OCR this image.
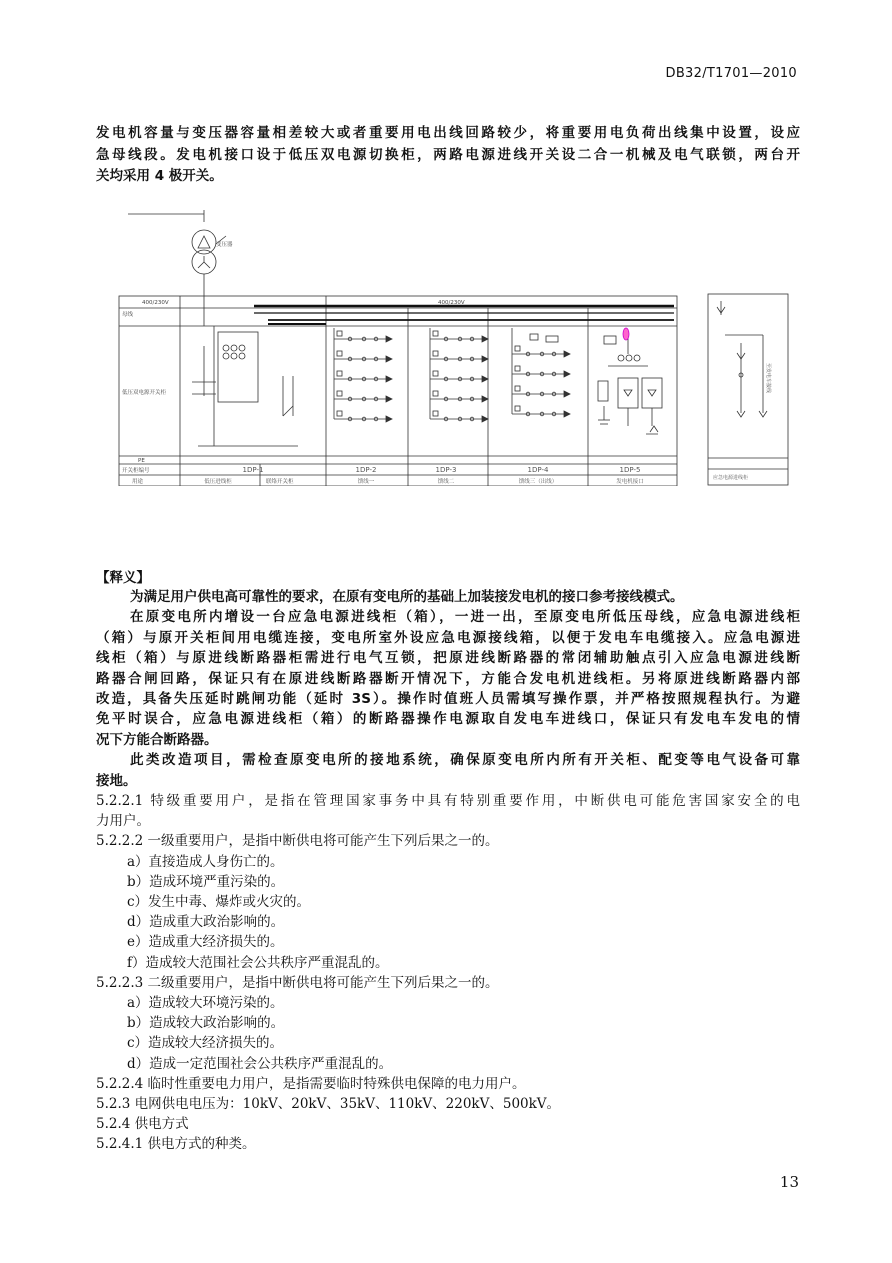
DB32/T1701—2010
发电机容量与变压器容量相差较大或者重要用电出线回路较少，将重要用电负荷出线集中设置，设应
急母线段。发电机接口设于低压双电源切换柜，两路电源进线开关设二合一机械及电气联锁，两台开
关均采用 4 极开关。
400/230V	400/230V
变压器
母线
低压双电源开关柜
PE
开关柜编号
用途	联络开关柜
1DP-1	1DP-2	1DP-3	1DP-4	1DP-5
低压进线柜	馈线一	馈线二	馈线三（出线）	发电机接口
应急电源进线柜
至发电车接线
【释义】
为满足用户供电高可靠性的要求，在原有变电所的基础上加装接发电机的接口参考接线模式。
在原变电所内增设一台应急电源进线柜（箱），一进一出，至原变电所低压母线，应急电源进线柜
（箱）与原开关柜间用电缆连接，变电所室外设应急电源接线箱，以便于发电车电缆接入。应急电源进
线柜（箱）与原进线断路器柜需进行电气互锁，把原进线断路器的常闭辅助触点引入应急电源进线断
路器合闸回路，保证只有在原进线断路器断开情况下，方能合发电机进线柜。另将原进线断路器内部
改造，具备失压延时跳闸功能（延时 3S）。操作时值班人员需填写操作票，并严格按照规程执行。为避
免平时误合，应急电源进线柜（箱）的断路器操作电源取自发电车进线口，保证只有发电车发电的情
况下方能合断路器。
此类改造项目，需检查原变电所的接地系统，确保原变电所内所有开关柜、配变等电气设备可靠
接地。
5.2.2.1 特级重要用户，是指在管理国家事务中具有特别重要作用，中断供电可能危害国家安全的电
力用户。
5.2.2.2 一级重要用户，是指中断供电将可能产生下列后果之一的。
a）直接造成人身伤亡的。
b）造成环境严重污染的。
c）发生中毒、爆炸或火灾的。
d）造成重大政治影响的。
e）造成重大经济损失的。
f）造成较大范围社会公共秩序严重混乱的。
5.2.2.3 二级重要用户，是指中断供电将可能产生下列后果之一的。
a）造成较大环境污染的。
b）造成较大政治影响的。
c）造成较大经济损失的。
d）造成一定范围社会公共秩序严重混乱的。
5.2.2.4 临时性重要电力用户，是指需要临时特殊供电保障的电力用户。
5.2.3 电网供电电压为：10kV、20kV、35kV、110kV、220kV、500kV。
5.2.4 供电方式
5.2.4.1 供电方式的种类。
13
